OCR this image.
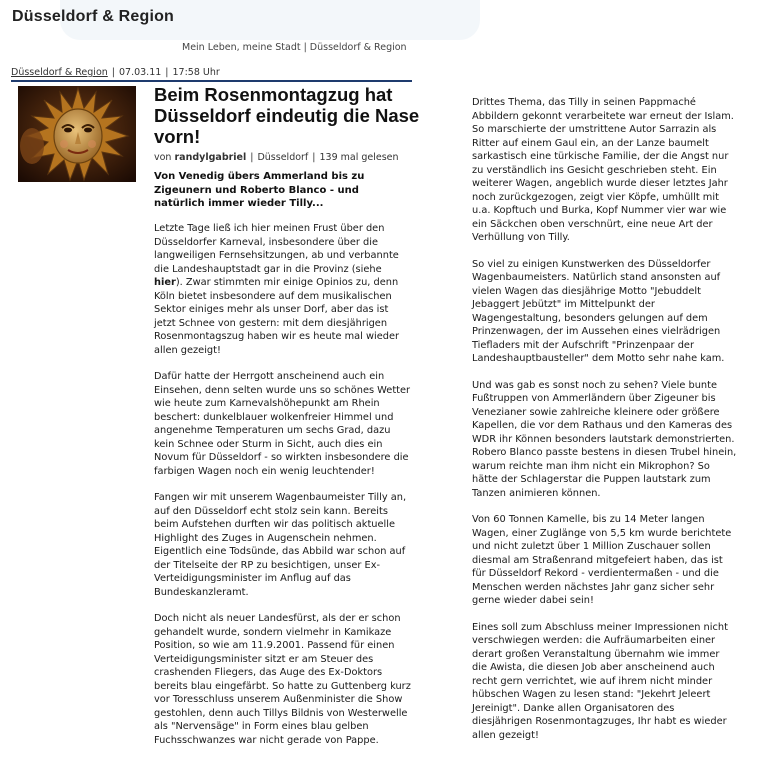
Düsseldorf & Region
Mein Leben, meine Stadt | Düsseldorf & Region
Düsseldorf & Region | 07.03.11 | 17:58 Uhr
Beim Rosenmontagzug hat Düsseldorf eindeutig die Nase vorn!
von randylgabriel | Düsseldorf | 139 mal gelesen
Von Venedig übers Ammerland bis zu Zigeunern und Roberto Blanco - und natürlich immer wieder Tilly...

Letzte Tage ließ ich hier meinen Frust über den Düsseldorfer Karneval, insbesondere über die langweiligen Fernsehsitzungen, ab und verbannte die Landeshauptstadt gar in die Provinz (siehe hier). Zwar stimmten mir einige Opinios zu, denn Köln bietet insbesondere auf dem musikalischen Sektor einiges mehr als unser Dorf, aber das ist jetzt Schnee von gestern: mit dem diesjährigen Rosenmontagszug haben wir es heute mal wieder allen gezeigt!

Dafür hatte der Herrgott anscheinend auch ein Einsehen, denn selten wurde uns so schönes Wetter wie heute zum Karnevalshöhepunkt am Rhein beschert: dunkelblauer wolkenfreier Himmel und angenehme Temperaturen um sechs Grad, dazu kein Schnee oder Sturm in Sicht, auch dies ein Novum für Düsseldorf - so wirkten insbesondere die farbigen Wagen noch ein wenig leuchtender!

Fangen wir mit unserem Wagenbaumeister Tilly an, auf den Düsseldorf echt stolz sein kann. Bereits beim Aufstehen durften wir das politisch aktuelle Highlight des Zuges in Augenschein nehmen. Eigentlich eine Todsünde, das Abbild war schon auf der Titelseite der RP zu besichtigen, unser Ex-Verteidigungsminister im Anflug auf das Bundeskanzleramt.

Doch nicht als neuer Landesfürst, als der er schon gehandelt wurde, sondern vielmehr in Kamikaze Position, so wie am 11.9.2001. Passend für einen Verteidigungsminister sitzt er am Steuer des crashenden Fliegers, das Auge des Ex-Doktors bereits blau eingefärbt. So hatte zu Guttenberg kurz vor Toresschluss unserem Außenminister die Show gestohlen, denn auch Tillys Bildnis von Westerwelle als "Nervensäge" in Form eines blau gelben Fuchsschwanzes war nicht gerade von Pappe.

Drittes Thema, das Tilly in seinen Pappmaché Abbildern gekonnt verarbeitete war erneut der Islam. So marschierte der umstrittene Autor Sarrazin als Ritter auf einem Gaul ein, an der Lanze baumelt sarkastisch eine türkische Familie, der die Angst nur zu verständlich ins Gesicht geschrieben steht. Ein weiterer Wagen, angeblich wurde dieser letztes Jahr noch zurückgezogen, zeigt vier Köpfe, umhüllt mit u.a. Kopftuch und Burka, Kopf Nummer vier war wie ein Säckchen oben verschnürt, eine neue Art der Verhüllung von Tilly.

So viel zu einigen Kunstwerken des Düsseldorfer Wagenbaumeisters. Natürlich stand ansonsten auf vielen Wagen das diesjährige Motto "Jebuddelt Jebaggert Jebützt" im Mittelpunkt der Wagengestaltung, besonders gelungen auf dem Prinzenwagen, der im Aussehen eines vielrädrigen Tiefladers mit der Aufschrift "Prinzenpaar der Landeshauptbausteller" dem Motto sehr nahe kam.

Und was gab es sonst noch zu sehen? Viele bunte Fußtruppen von Ammerländern über Zigeuner bis Venezianer sowie zahlreiche kleinere oder größere Kapellen, die vor dem Rathaus und den Kameras des WDR ihr Können besonders lautstark demonstrierten. Robero Blanco passte bestens in diesen Trubel hinein, warum reichte man ihm nicht ein Mikrophon? So hätte der Schlagerstar die Puppen lautstark zum Tanzen animieren können.

Von 60 Tonnen Kamelle, bis zu 14 Meter langen Wagen, einer Zuglänge von 5,5 km wurde berichtete und nicht zuletzt über 1 Million Zuschauer sollen diesmal am Straßenrand mitgefeiert haben, das ist für Düsseldorf Rekord - verdientermaßen - und die Menschen werden nächstes Jahr ganz sicher sehr gerne wieder dabei sein!

Eines soll zum Abschluss meiner Impressionen nicht verschwiegen werden: die Aufräumarbeiten einer derart großen Veranstaltung übernahm wie immer die Awista, die diesen Job aber anscheinend auch recht gern verrichtet, wie auf ihrem nicht minder hübschen Wagen zu lesen stand: "Jekehrt Jeleert Jereinigt". Danke allen Organisatoren des diesjährigen Rosenmontagzuges, Ihr habt es wieder allen gezeigt!
